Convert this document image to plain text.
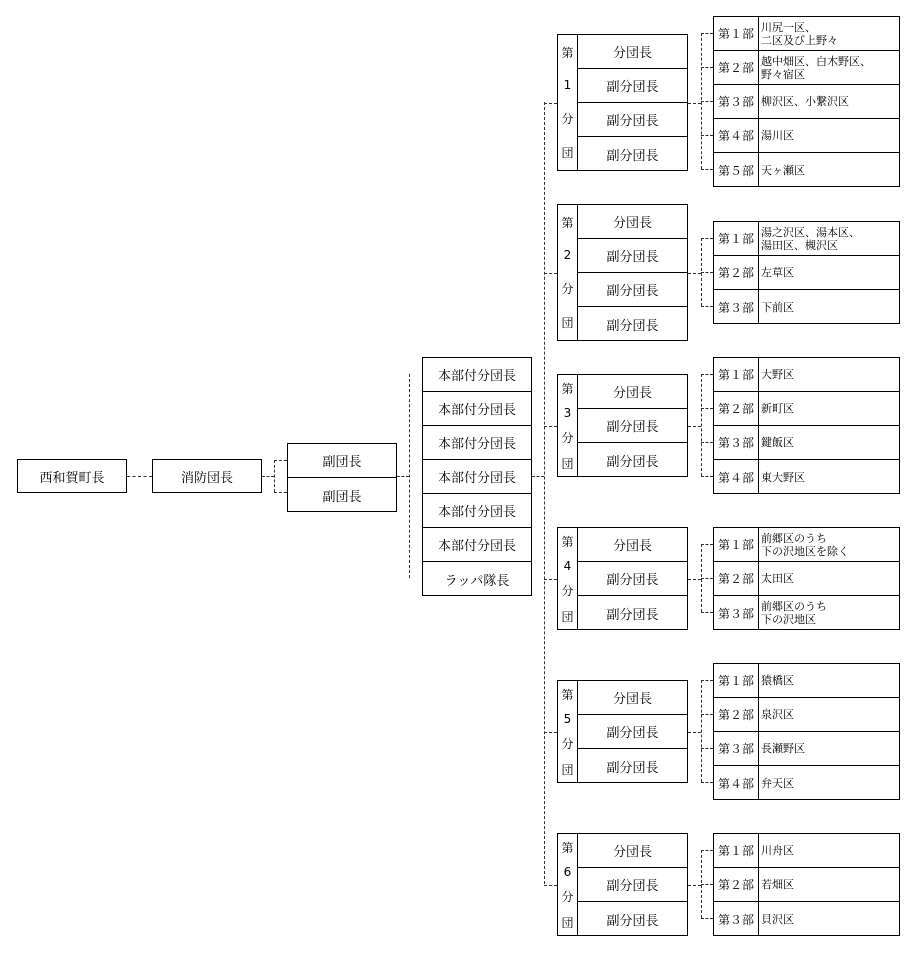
西和賀町長	消防団長
副団長
副団長
本部付分団長
本部付分団長
本部付分団長
本部付分団長
本部付分団長
本部付分団長
ラッパ隊長
第
1
分
団
分団長
副分団長
副分団長
副分団長
第１部 川尻一区、
二区及び上野々
第２部 越中畑区、白木野区、
野々宿区
第３部 柳沢区、小繋沢区
第４部 湯川区
第５部 天ヶ瀬区
第
2
分
団
分団長
副分団長
副分団長
副分団長
第１部 湯之沢区、湯本区、
湯田区、槻沢区
第２部 左草区
第３部 下前区
第
3
分
団
分団長
副分団長
副分団長
第１部 大野区
第２部 新町区
第３部 鍵飯区
第４部 東大野区
第
4
分
団
分団長
副分団長
副分団長
第１部 前郷区のうち
下の沢地区を除く
第２部 太田区
第３部 前郷区のうち
下の沢地区
第
5
分
団
分団長
副分団長
副分団長
第１部 猿橋区
第２部 泉沢区
第３部 長瀬野区
第４部 弁天区
第
6
分
団
分団長
副分団長
副分団長
第１部 川舟区
第２部 若畑区
第３部 貝沢区
